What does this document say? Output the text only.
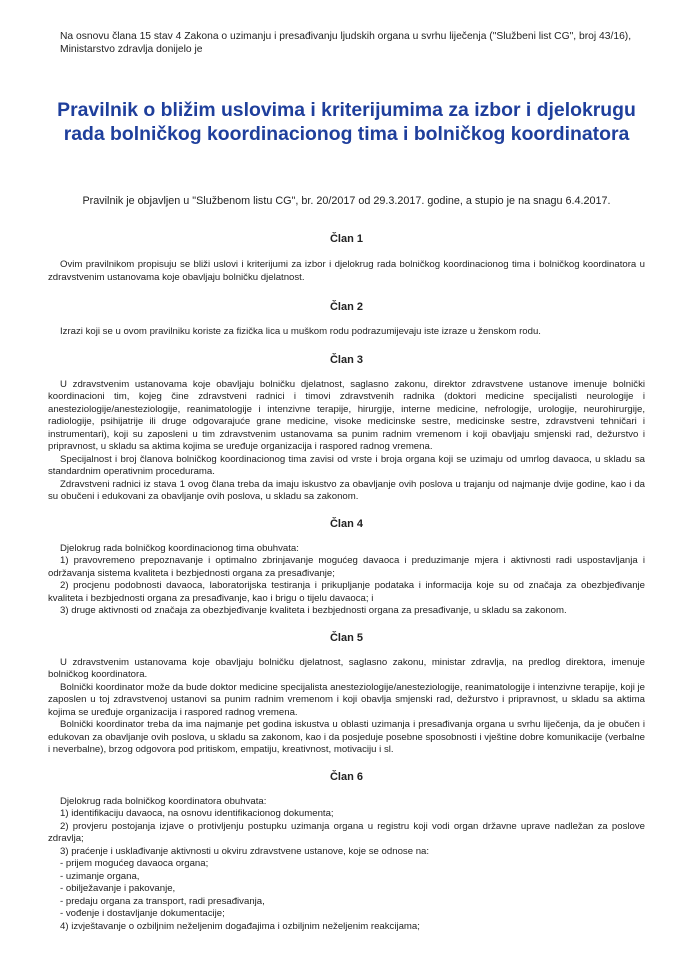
Na osnovu člana 15 stav 4 Zakona o uzimanju i presađivanju ljudskih organa u svrhu liječenja ("Službeni list CG", broj 43/16), Ministarstvo zdravlja donijelo je

Pravilnik o bližim uslovima i kriterijumima za izbor i djelokrugu rada bolničkog koordinacionog tima i bolničkog koordinatora

Pravilnik je objavljen u "Službenom listu CG", br. 20/2017 od 29.3.2017. godine, a stupio je na snagu 6.4.2017.

Član 1

Ovim pravilnikom propisuju se bliži uslovi i kriterijumi za izbor i djelokrug rada bolničkog koordinacionog tima i bolničkog koordinatora u zdravstvenim ustanovama koje obavljaju bolničku djelatnost.

Član 2

Izrazi koji se u ovom pravilniku koriste za fizička lica u muškom rodu podrazumijevaju iste izraze u ženskom rodu.

Član 3

U zdravstvenim ustanovama koje obavljaju bolničku djelatnost, saglasno zakonu, direktor zdravstvene ustanove imenuje bolnički koordinacioni tim, kojeg čine zdravstveni radnici i timovi zdravstvenih radnika (doktori medicine specijalisti neurologije i anesteziologije/anesteziologije, reanimatologije i intenzivne terapije, hirurgije, interne medicine, nefrologije, urologije, neurohirurgije, radiologije, psihijatrije ili druge odgovarajuće grane medicine, visoke medicinske sestre, medicinske sestre, zdravstveni tehničari i instrumentari), koji su zaposleni u tim zdravstvenim ustanovama sa punim radnim vremenom i koji obavljaju smjenski rad, dežurstvo i pripravnost, u skladu sa aktima kojima se uređuje organizacija i raspored radnog vremena.

Specijalnost i broj članova bolničkog koordinacionog tima zavisi od vrste i broja organa koji se uzimaju od umrlog davaoca, u skladu sa standardnim operativnim procedurama.

Zdravstveni radnici iz stava 1 ovog člana treba da imaju iskustvo za obavljanje ovih poslova u trajanju od najmanje dvije godine, kao i da su obučeni i edukovani za obavljanje ovih poslova, u skladu sa zakonom.

Član 4

Djelokrug rada bolničkog koordinacionog tima obuhvata:

1) pravovremeno prepoznavanje i optimalno zbrinjavanje mogućeg davaoca i preduzimanje mjera i aktivnosti radi uspostavljanja i održavanja sistema kvaliteta i bezbjednosti organa za presađivanje;

2) procjenu podobnosti davaoca, laboratorijska testiranja i prikupljanje podataka i informacija koje su od značaja za obezbjeđivanje kvaliteta i bezbjednosti organa za presađivanje, kao i brigu o tijelu davaoca; i

3) druge aktivnosti od značaja za obezbjeđivanje kvaliteta i bezbjednosti organa za presađivanje, u skladu sa zakonom.

Član 5

U zdravstvenim ustanovama koje obavljaju bolničku djelatnost, saglasno zakonu, ministar zdravlja, na predlog direktora, imenuje bolničkog koordinatora.

Bolnički koordinator može da bude doktor medicine specijalista anesteziologije/anesteziologije, reanimatologije i intenzivne terapije, koji je zaposlen u toj zdravstvenoj ustanovi sa punim radnim vremenom i koji obavlja smjenski rad, dežurstvo i pripravnost, u skladu sa aktima kojima se uređuje organizacija i raspored radnog vremena.

Bolnički koordinator treba da ima najmanje pet godina iskustva u oblasti uzimanja i presađivanja organa u svrhu liječenja, da je obučen i edukovan za obavljanje ovih poslova, u skladu sa zakonom, kao i da posjeduje posebne sposobnosti i vještine dobre komunikacije (verbalne i neverbalne), brzog odgovora pod pritiskom, empatiju, kreativnost, motivaciju i sl.

Član 6

Djelokrug rada bolničkog koordinatora obuhvata:

1) identifikaciju davaoca, na osnovu identifikacionog dokumenta;

2) provjeru postojanja izjave o protivljenju postupku uzimanja organa u registru koji vodi organ državne uprave nadležan za poslove zdravlja;

3) praćenje i usklađivanje aktivnosti u okviru zdravstvene ustanove, koje se odnose na:

- prijem mogućeg davaoca organa;

- uzimanje organa,

- obilježavanje i pakovanje,

- predaju organa za transport, radi presađivanja,

- vođenje i dostavljanje dokumentacije;

4) izvještavanje o ozbiljnim neželjenim događajima i ozbiljnim neželjenim reakcijama;
